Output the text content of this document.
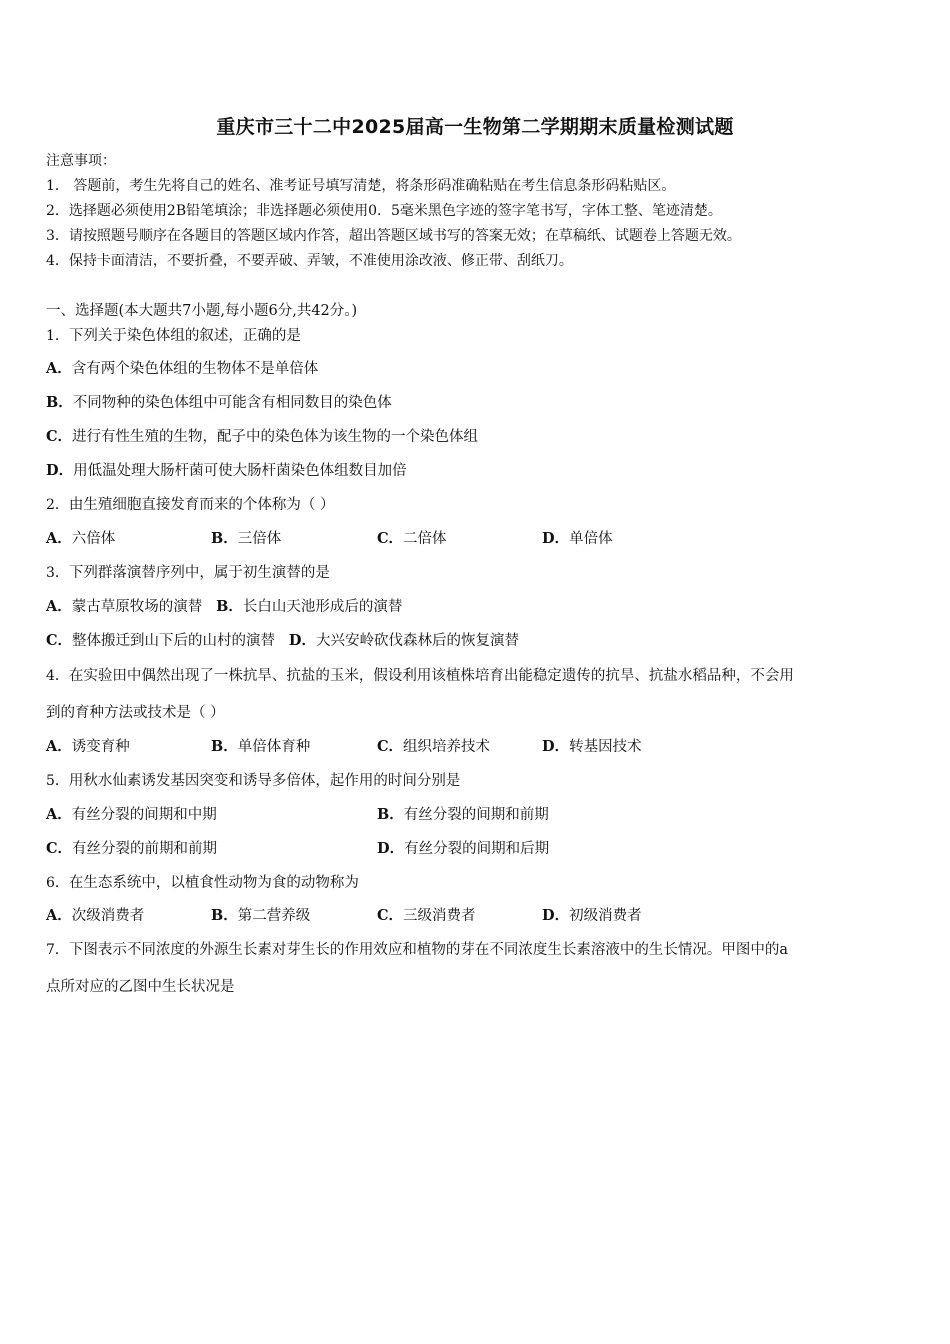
重庆市三十二中2025届高一生物第二学期期末质量检测试题
注意事项：
1． 答题前，考生先将自己的姓名、准考证号填写清楚，将条形码准确粘贴在考生信息条形码粘贴区。
2．选择题必须使用2B铅笔填涂；非选择题必须使用0．5毫米黑色字迹的签字笔书写，字体工整、笔迹清楚。
3．请按照题号顺序在各题目的答题区域内作答，超出答题区域书写的答案无效；在草稿纸、试题卷上答题无效。
4．保持卡面清洁，不要折叠，不要弄破、弄皱，不准使用涂改液、修正带、刮纸刀。
一、选择题(本大题共7小题,每小题6分,共42分。)
1．下列关于染色体组的叙述，正确的是
A．含有两个染色体组的生物体不是单倍体
B．不同物种的染色体组中可能含有相同数目的染色体
C．进行有性生殖的生物，配子中的染色体为该生物的一个染色体组
D．用低温处理大肠杆菌可使大肠杆菌染色体组数目加倍
2．由生殖细胞直接发育而来的个体称为（ ）
A．六倍体	B．三倍体	C．二倍体	D．单倍体
3．下列群落演替序列中，属于初生演替的是
A．蒙古草原牧场的演替 B．长白山天池形成后的演替
C．整体搬迁到山下后的山村的演替 D．大兴安岭砍伐森林后的恢复演替
4．在实验田中偶然出现了一株抗旱、抗盐的玉米，假设利用该植株培育出能稳定遗传的抗旱、抗盐水稻品种，不会用
到的育种方法或技术是（ ）
A．诱变育种	B．单倍体育种	C．组织培养技术	D．转基因技术
5．用秋水仙素诱发基因突变和诱导多倍体，起作用的时间分别是
A．有丝分裂的间期和中期	B．有丝分裂的间期和前期
C．有丝分裂的前期和前期	D．有丝分裂的间期和后期
6．在生态系统中，以植食性动物为食的动物称为
A．次级消费者	B．第二营养级	C．三级消费者	D．初级消费者
7．下图表示不同浓度的外源生长素对芽生长的作用效应和植物的芽在不同浓度生长素溶液中的生长情况。甲图中的a
点所对应的乙图中生长状况是
